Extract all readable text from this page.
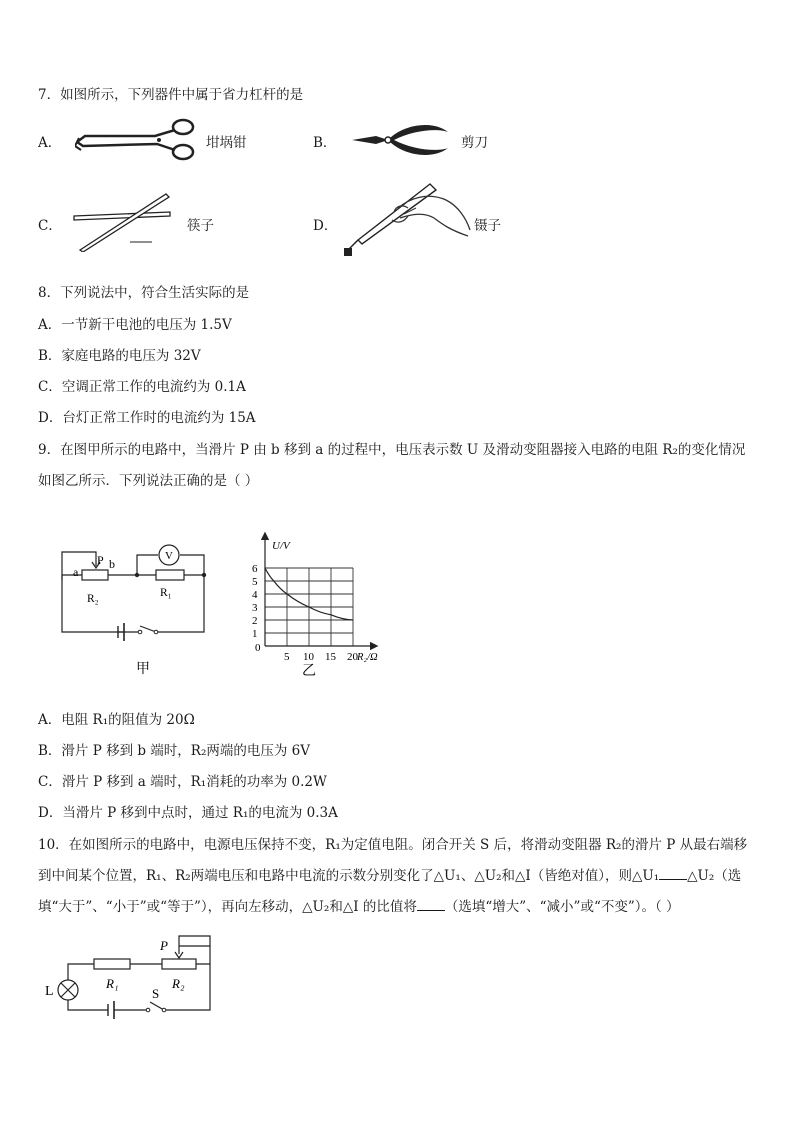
7．如图所示，下列器件中属于省力杠杆的是
A．	坩埚钳	B．	剪刀
C．	筷子	D．	镊子
8．下列说法中，符合生活实际的是
A．一节新干电池的电压为 1.5V
B．家庭电路的电压为 32V
C．空调正常工作的电流约为 0.1A
D．台灯正常工作时的电流约为 15A
9．在图甲所示的电路中，当滑片 P 由 b 移到 a 的过程中，电压表示数 U 及滑动变阻器接入电路的电阻 R₂的变化情况
如图乙所示．下列说法正确的是（ ）
a
P b
R₂	R₁
V
甲
U/V
0
1
2
3
4
5
6
5 10 15 20 R₂/Ω
乙
A．电阻 R₁的阻值为 20Ω
B．滑片 P 移到 b 端时，R₂两端的电压为 6V
C．滑片 P 移到 a 端时，R₁消耗的功率为 0.2W
D．当滑片 P 移到中点时，通过 R₁的电流为 0.3A
10．在如图所示的电路中，电源电压保持不变，R₁为定值电阻。闭合开关 S 后，将滑动变阻器 R₂的滑片 P 从最右端移
到中间某个位置，R₁、R₂两端电压和电路中电流的示数分别变化了△U₁、△U₂和△I（皆绝对值），则△U₁ △U₂（选
填“大于”、“小于”或“等于”），再向左移动，△U₂和△I 的比值将 （选填“增大”、“减小”或“不变”）。（ ）
L
R₁	R₂
P
S
